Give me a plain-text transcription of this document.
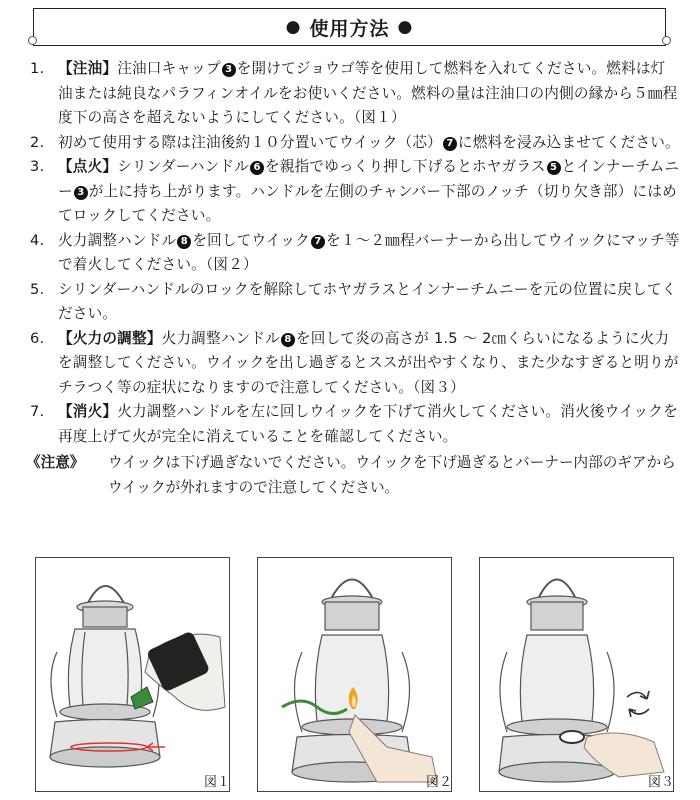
● 使用方法 ●
1. 【注油】注油口キャップ 3 を開けてジョウゴ等を使用して燃料を入れてください。燃料は灯油または純良なパラフィンオイルをお使いください。燃料の量は注油口の内側の縁から５㎜程度下の高さを超えないようにしてください。（図１）
2. 初めて使用する際は注油後約１０分置いてウイック（芯） 7 に燃料を浸み込ませてください。
3. 【点火】シリンダーハンドル 6 を親指でゆっくり押し下げるとホヤガラス 5 とインナーチムニー 3 が上に持ち上がります。ハンドルを左側のチャンバー下部のノッチ（切り欠き部）にはめてロックしてください。
4. 火力調整ハンドル 8 を回してウイック 7 を１～２㎜程バーナーから出してウイックにマッチ等で着火してください。（図２）
5. シリンダーハンドルのロックを解除してホヤガラスとインナーチムニーを元の位置に戻してください。
6. 【火力の調整】火力調整ハンドル 8 を回して炎の高さが 1.5 ～ 2㎝くらいになるように火力を調整してください。ウイックを出し過ぎるとススが出やすくなり、また少なすぎると明りがチラつく等の症状になりますので注意してください。（図３）
7. 【消火】火力調整ハンドルを左に回しウイックを下げて消火してください。消火後ウイックを再度上げて火が完全に消えていることを確認してください。
《注意》	ウイックは下げ過ぎないでください。ウイックを下げ過ぎるとバーナー内部のギアからウイックが外れますので注意してください。
図１	図２	図３
